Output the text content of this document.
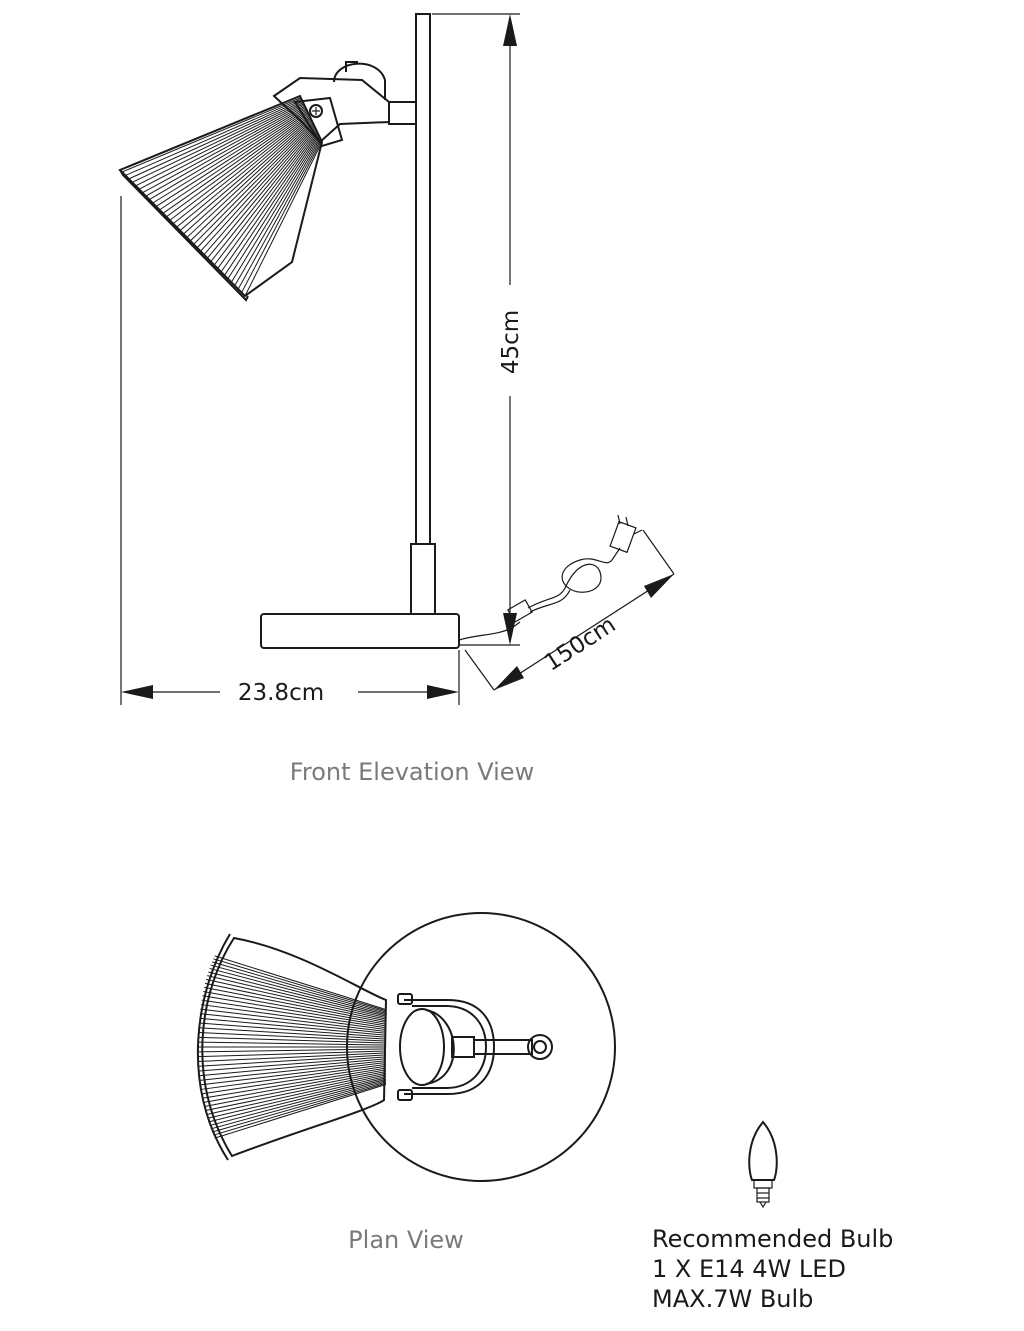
45cm
23.8cm
150cm
Front Elevation View
Plan View	Recommended Bulb
1 X E14 4W LED
MAX.7W Bulb
